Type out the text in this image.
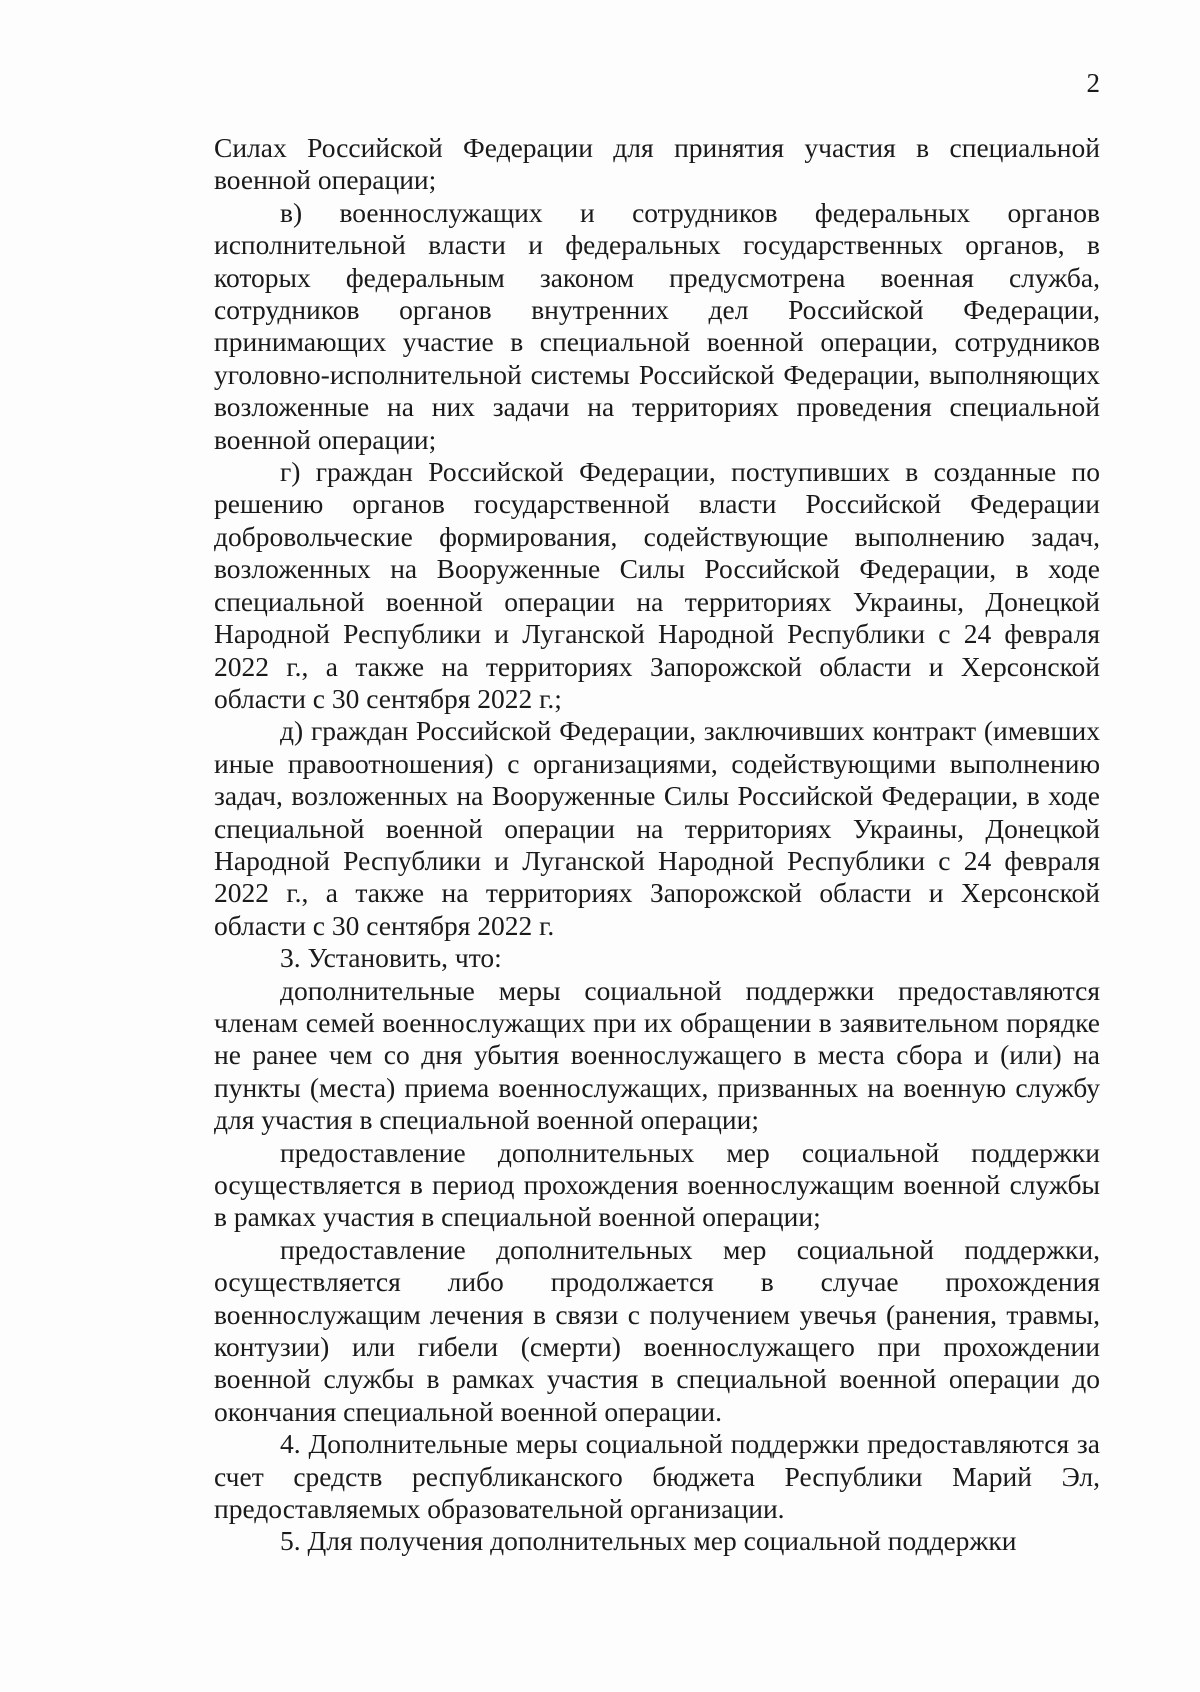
2

Силах Российской Федерации для принятия участия в специальной военной операции;

в) военнослужащих и сотрудников федеральных органов исполнительной власти и федеральных государственных органов, в которых федеральным законом предусмотрена военная служба, сотрудников органов внутренних дел Российской Федерации, принимающих участие в специальной военной операции, сотрудников уголовно-исполнительной системы Российской Федерации, выполняющих возложенные на них задачи на территориях проведения специальной военной операции;

г) граждан Российской Федерации, поступивших в созданные по решению органов государственной власти Российской Федерации добровольческие формирования, содействующие выполнению задач, возложенных на Вооруженные Силы Российской Федерации, в ходе специальной военной операции на территориях Украины, Донецкой Народной Республики и Луганской Народной Республики с 24 февраля 2022 г., а также на территориях Запорожской области и Херсонской области с 30 сентября 2022 г.;

д) граждан Российской Федерации, заключивших контракт (имевших иные правоотношения) с организациями, содействующими выполнению задач, возложенных на Вооруженные Силы Российской Федерации, в ходе специальной военной операции на территориях Украины, Донецкой Народной Республики и Луганской Народной Республики с 24 февраля 2022 г., а также на территориях Запорожской области и Херсонской области с 30 сентября 2022 г.

3. Установить, что:

дополнительные меры социальной поддержки предоставляются членам семей военнослужащих при их обращении в заявительном порядке не ранее чем со дня убытия военнослужащего в места сбора и (или) на пункты (места) приема военнослужащих, призванных на военную службу для участия в специальной военной операции;

предоставление дополнительных мер социальной поддержки осуществляется в период прохождения военнослужащим военной службы в рамках участия в специальной военной операции;

предоставление дополнительных мер социальной поддержки, осуществляется либо продолжается в случае прохождения военнослужащим лечения в связи с получением увечья (ранения, травмы, контузии) или гибели (смерти) военнослужащего при прохождении военной службы в рамках участия в специальной военной операции до окончания специальной военной операции.

4. Дополнительные меры социальной поддержки предоставляются за счет средств республиканского бюджета Республики Марий Эл, предоставляемых образовательной организации.

5. Для получения дополнительных мер социальной поддержки
